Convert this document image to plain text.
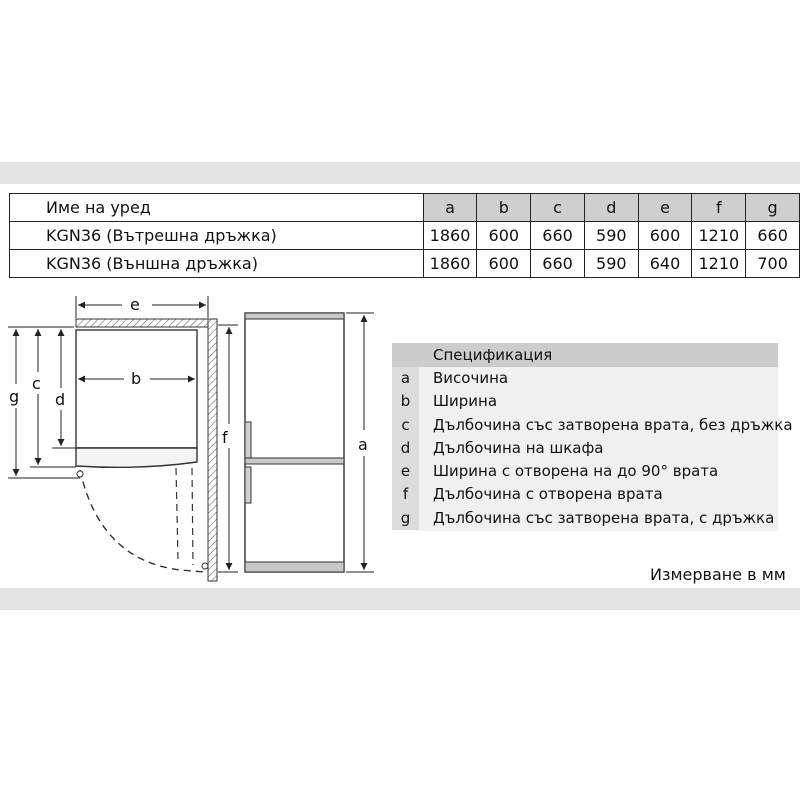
Име на уред	a	b	c	d	e	f	g
KGN36 (Вътрешна дръжка)	1860	600	660	590	600	1210	660
KGN36 (Външна дръжка)	1860	600	660	590	640	1210	700
e
b
g
c
d
f	a
Спецификация
a	Височина
b	Ширина
c	Дълбочина със затворена врата, без дръжка
d	Дълбочина на шкафа
e	Ширина с отворена на до 90° врата
f	Дълбочина с отворена врата
g	Дълбочина със затворена врата, с дръжка
Измерване в мм
